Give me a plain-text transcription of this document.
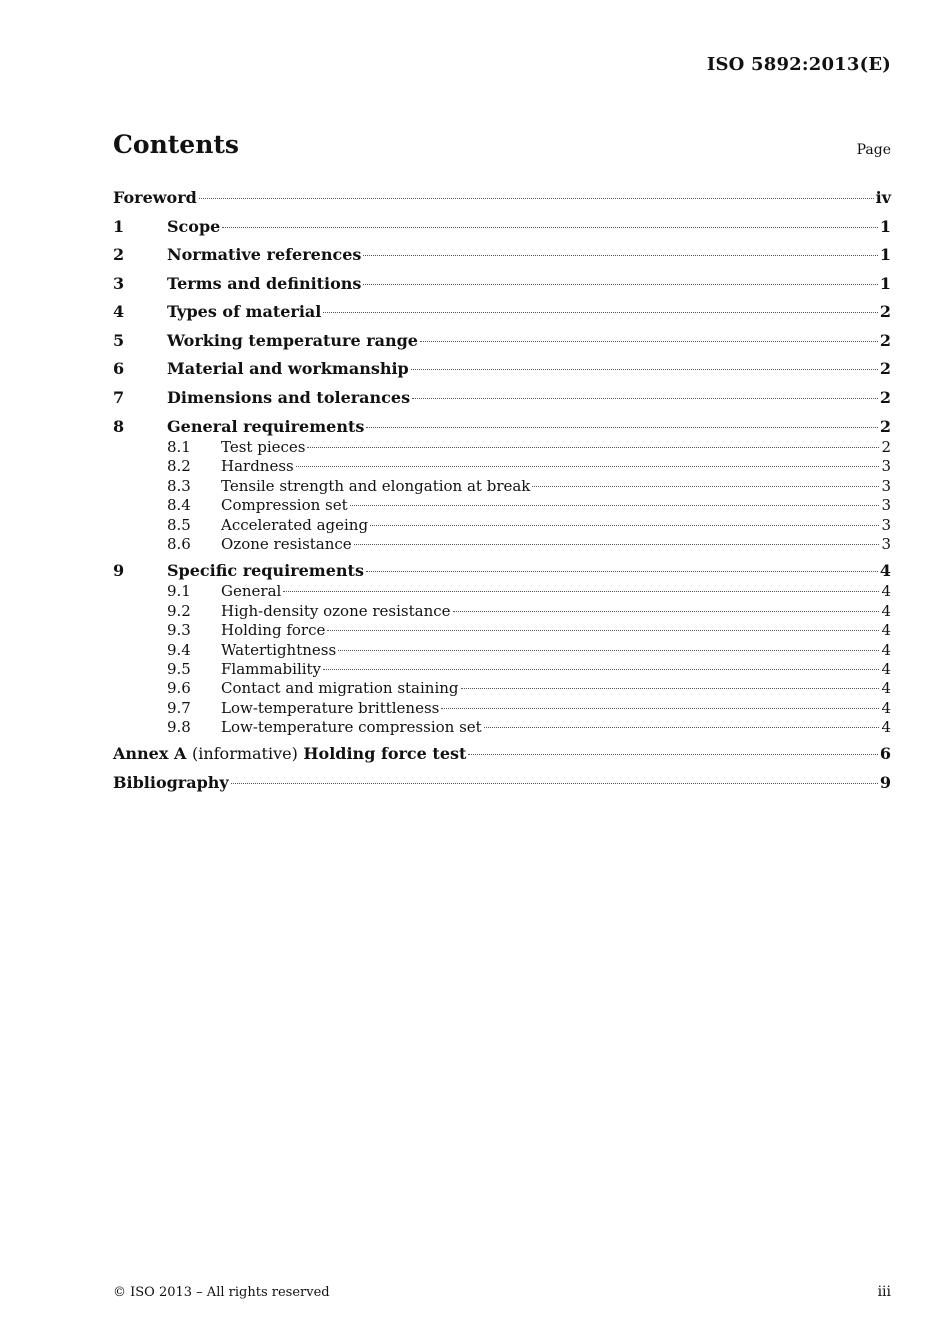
ISO 5892:2013(E)
Contents	Page
Foreword	iv
1	Scope	1
2	Normative references	1
3	Terms and definitions	1
4	Types of material	2
5	Working temperature range	2
6	Material and workmanship	2
7	Dimensions and tolerances	2
8	General requirements	2
8.1	Test pieces	2
8.2	Hardness	3
8.3	Tensile strength and elongation at break	3
8.4	Compression set	3
8.5	Accelerated ageing	3
8.6	Ozone resistance	3
9	Specific requirements	4
9.1	General	4
9.2	High-density ozone resistance	4
9.3	Holding force	4
9.4	Watertightness	4
9.5	Flammability	4
9.6	Contact and migration staining	4
9.7	Low-temperature brittleness	4
9.8	Low-temperature compression set	4
Annex A (informative) Holding force test	6
Bibliography	9
© ISO 2013 – All rights reserved	iii
